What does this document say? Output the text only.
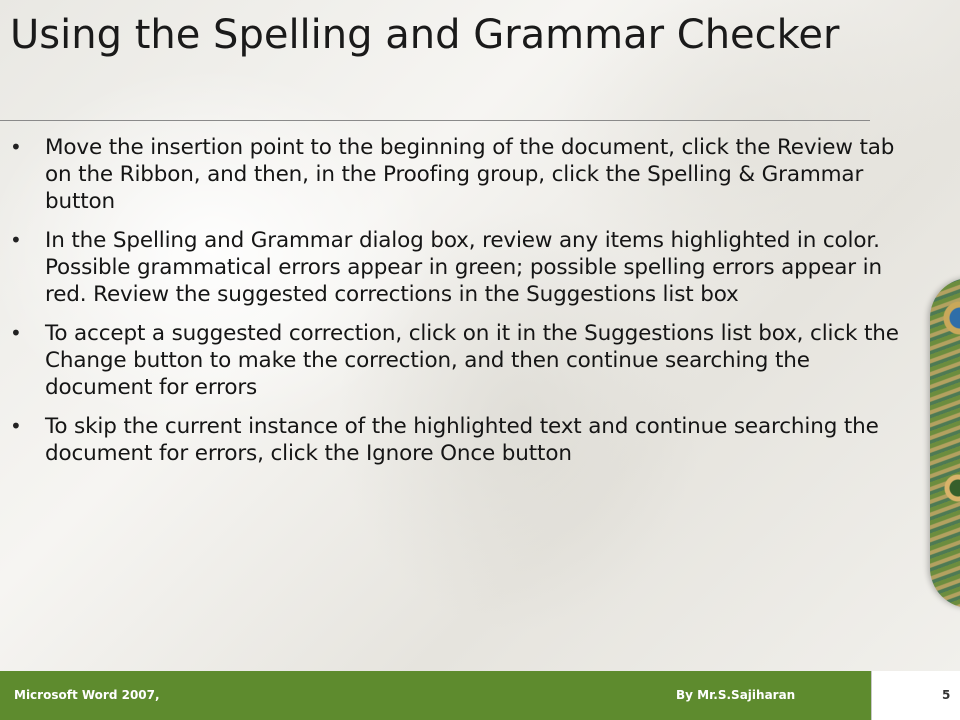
Using the Spelling and Grammar Checker
• Move the insertion point to the beginning of the document, click the Review tab on the Ribbon, and then, in the Proofing group, click the Spelling & Grammar button
• In the Spelling and Grammar dialog box, review any items highlighted in color. Possible grammatical errors appear in green; possible spelling errors appear in red. Review the suggested corrections in the Suggestions list box
• To accept a suggested correction, click on it in the Suggestions list box, click the Change button to make the correction, and then continue searching the document for errors
• To skip the current instance of the highlighted text and continue searching the document for errors, click the Ignore Once button
Microsoft Word 2007,	By Mr.S.Sajiharan	5
